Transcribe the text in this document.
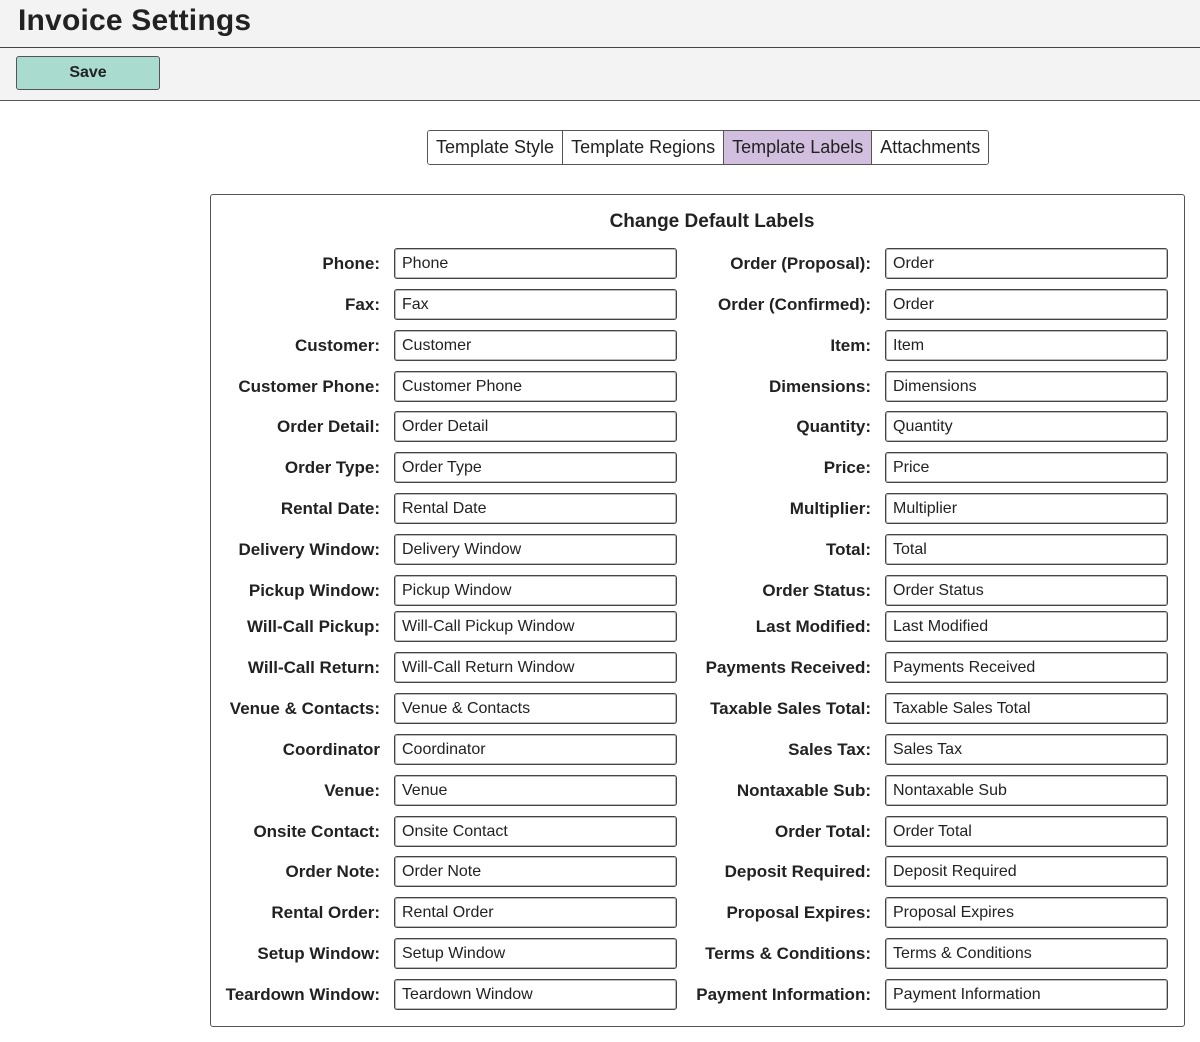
Invoice Settings
Save
Template Style Template Regions Template Labels Attachments
Change Default Labels
Phone:
Phone
Fax:
Fax
Customer:
Customer
Customer Phone:
Customer Phone
Order Detail:
Order Detail
Order Type:
Order Type
Rental Date:
Rental Date
Delivery Window:
Delivery Window
Pickup Window:
Pickup Window
Will-Call Pickup:
Will-Call Pickup Window
Will-Call Return:
Will-Call Return Window
Venue & Contacts:
Venue & Contacts
Coordinator
Coordinator
Venue:
Venue
Onsite Contact:
Onsite Contact
Order Note:
Order Note
Rental Order:
Rental Order
Setup Window:
Setup Window
Teardown Window:
Teardown Window
Order (Proposal):
Order
Order (Confirmed):
Order
Item:
Item
Dimensions:
Dimensions
Quantity:
Quantity
Price:
Price
Multiplier:
Multiplier
Total:
Total
Order Status:
Order Status
Last Modified:
Last Modified
Payments Received:
Payments Received
Taxable Sales Total:
Taxable Sales Total
Sales Tax:
Sales Tax
Nontaxable Sub:
Nontaxable Sub
Order Total:
Order Total
Deposit Required:
Deposit Required
Proposal Expires:
Proposal Expires
Terms & Conditions:
Terms & Conditions
Payment Information:
Payment Information
